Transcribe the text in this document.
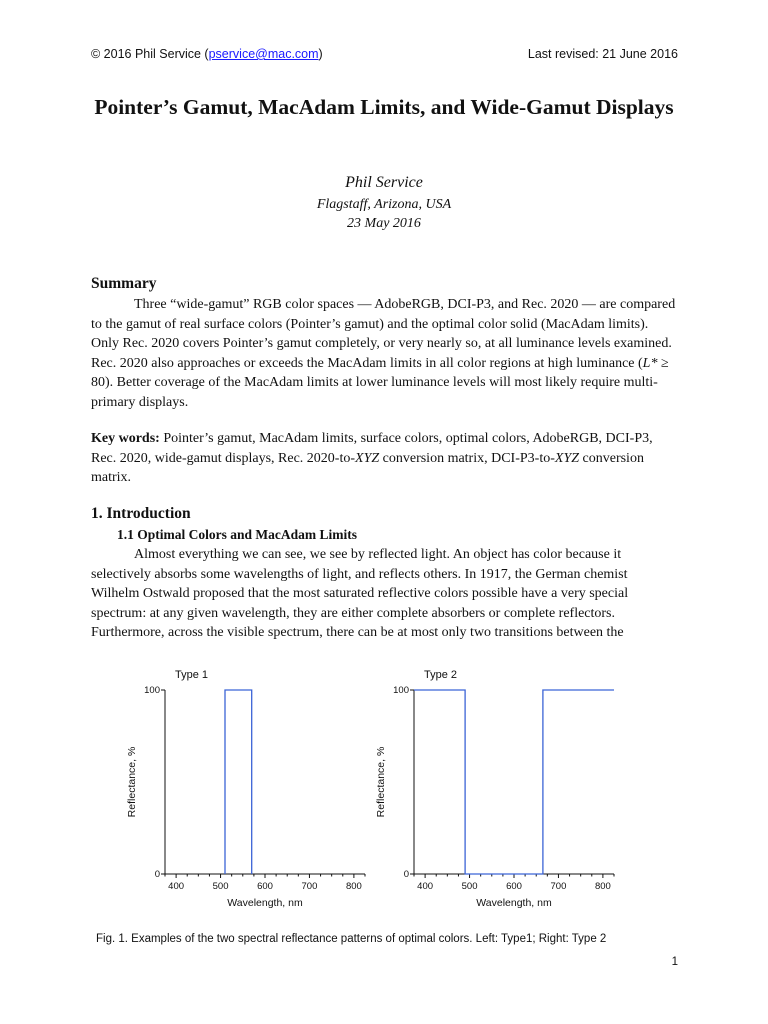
© 2016 Phil Service (pservice@mac.com)	Last revised: 21 June 2016
Pointer’s Gamut, MacAdam Limits, and Wide-Gamut Displays
Phil Service
Flagstaff, Arizona, USA
23 May 2016
Summary

Three “wide-gamut” RGB color spaces — AdobeRGB, DCI-P3, and Rec. 2020 — are compared to the gamut of real surface colors (Pointer’s gamut) and the optimal color solid (MacAdam limits). Only Rec. 2020 covers Pointer’s gamut completely, or very nearly so, at all luminance levels examined. Rec. 2020 also approaches or exceeds the MacAdam limits in all color regions at high luminance (L* ≥ 80). Better coverage of the MacAdam limits at lower luminance levels will most likely require multi-primary displays.

Key words: Pointer’s gamut, MacAdam limits, surface colors, optimal colors, AdobeRGB, DCI-P3, Rec. 2020, wide-gamut displays, Rec. 2020-to-XYZ conversion matrix, DCI-P3-to-XYZ conversion matrix.

1. Introduction
1.1 Optimal Colors and MacAdam Limits

Almost everything we can see, we see by reflected light. An object has color because it selectively absorbs some wavelengths of light, and reflects others. In 1917, the German chemist Wilhelm Ostwald proposed that the most saturated reflective colors possible have a very special spectrum: at any given wavelength, they are either complete absorbers or complete reflectors. Furthermore, across the visible spectrum, there can be at most only two transitions between the

Type 1
0
100
400	500	600	700	800
Wavelength, nm
Reflectance, %
Type 2
0
100
400	500	600	700	800
Wavelength, nm
Reflectance, %
Fig. 1. Examples of the two spectral reflectance patterns of optimal colors. Left: Type1; Right: Type 2
1
